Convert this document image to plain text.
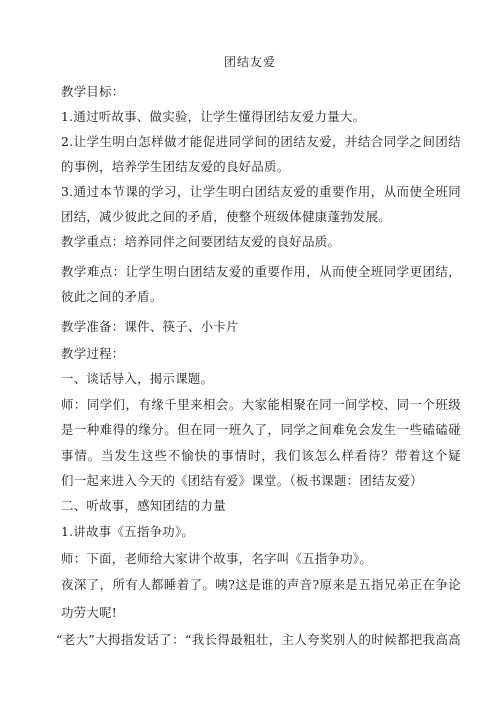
团结友爱
教学目标：
1.通过听故事、做实验，让学生懂得团结友爱力量大。
2.让学生明白怎样做才能促进同学间的团结友爱，并结合同学之间团结
的事例，培养学生团结友爱的良好品质。
3.通过本节课的学习，让学生明白团结友爱的重要作用，从而使全班同
团结，减少彼此之间的矛盾，使整个班级体健康蓬勃发展。
教学重点：培养同伴之间要团结友爱的良好品质。
教学难点：让学生明白团结友爱的重要作用，从而使全班同学更团结，
彼此之间的矛盾。
教学准备：课件、筷子、小卡片
教学过程：
一、谈话导入，揭示课题。
师：同学们，有缘千里来相会。大家能相聚在同一间学校、同一个班级
是一种难得的缘分。但在同一班久了，同学之间难免会发生一些磕磕碰
事情。当发生这些不愉快的事情时，我们该怎么样看待？带着这个疑
们一起来进入今天的《团结有爱》课堂。（板书课题：团结友爱）
二、听故事，感知团结的力量
1.讲故事《五指争功》。
师：下面，老师给大家讲个故事，名字叫《五指争功》。
夜深了，所有人都睡着了。咦?这是谁的声音?原来是五指兄弟正在争论
功劳大呢!
“老大”大拇指发话了：“我长得最粗壮，主人夸奖别人的时候都把我高高
